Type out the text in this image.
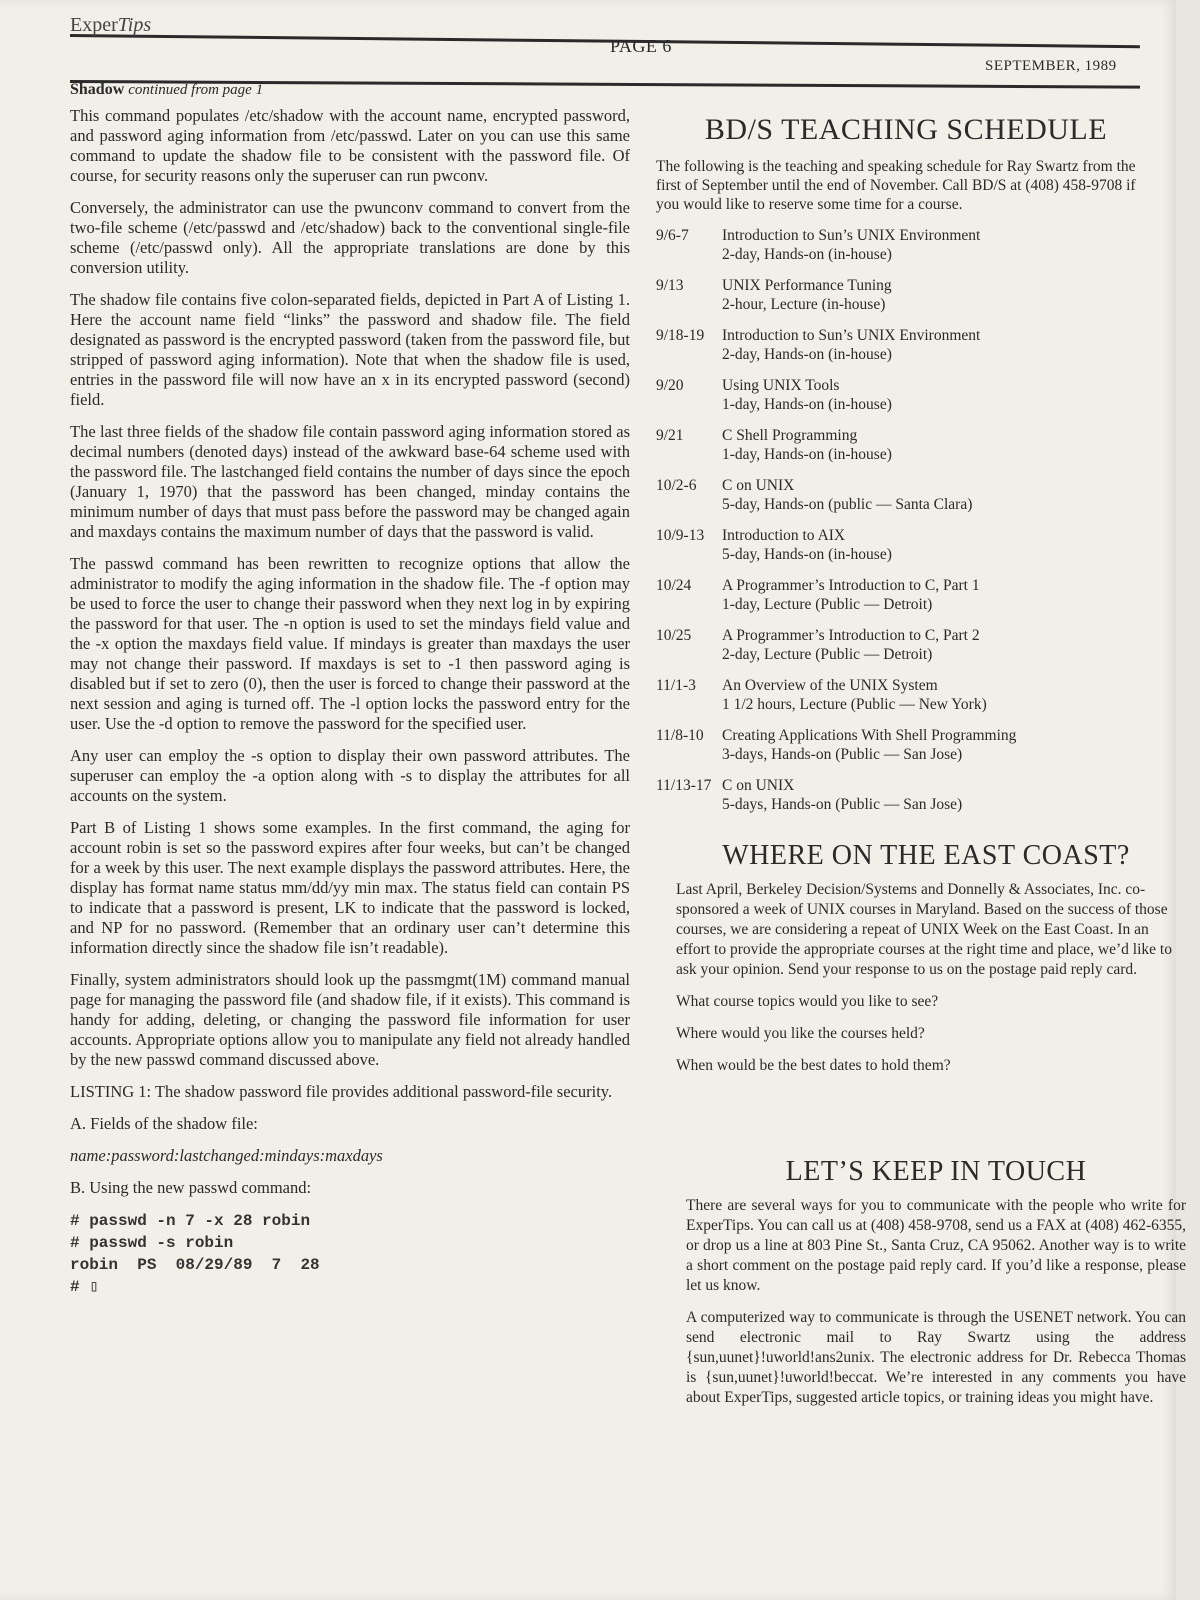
ExperTips
PAGE 6
SEPTEMBER, 1989
Shadow continued from page 1

This command populates /etc/shadow with the account name, encrypted password, and password aging information from /etc/passwd. Later on you can use this same command to update the shadow file to be consistent with the password file. Of course, for security reasons only the superuser can run pwconv.

Conversely, the administrator can use the pwunconv command to convert from the two-file scheme (/etc/passwd and /etc/shadow) back to the conventional single-file scheme (/etc/passwd only). All the appropriate translations are done by this conversion utility.

The shadow file contains five colon-separated fields, depicted in Part A of Listing 1. Here the account name field “links” the password and shadow file. The field designated as password is the encrypted password (taken from the password file, but stripped of password aging information). Note that when the shadow file is used, entries in the password file will now have an x in its encrypted password (second) field.

The last three fields of the shadow file contain password aging information stored as decimal numbers (denoted days) instead of the awkward base-64 scheme used with the password file. The lastchanged field contains the number of days since the epoch (January 1, 1970) that the password has been changed, minday contains the minimum number of days that must pass before the password may be changed again and maxdays contains the maximum number of days that the password is valid.

The passwd command has been rewritten to recognize options that allow the administrator to modify the aging information in the shadow file. The -f option may be used to force the user to change their password when they next log in by expiring the password for that user. The -n option is used to set the mindays field value and the -x option the maxdays field value. If mindays is greater than maxdays the user may not change their password. If maxdays is set to -1 then password aging is disabled but if set to zero (0), then the user is forced to change their password at the next session and aging is turned off. The -l option locks the password entry for the user. Use the -d option to remove the password for the specified user.

Any user can employ the -s option to display their own password attributes. The superuser can employ the -a option along with -s to display the attributes for all accounts on the system.

Part B of Listing 1 shows some examples. In the first command, the aging for account robin is set so the password expires after four weeks, but can’t be changed for a week by this user. The next example displays the password attributes. Here, the display has format name status mm/dd/yy min max. The status field can contain PS to indicate that a password is present, LK to indicate that the password is locked, and NP for no password. (Remember that an ordinary user can’t determine this information directly since the shadow file isn’t readable).

Finally, system administrators should look up the passmgmt(1M) command manual page for managing the password file (and shadow file, if it exists). This command is handy for adding, deleting, or changing the password file information for user accounts. Appropriate options allow you to manipulate any field not already handled by the new passwd command discussed above.

LISTING 1: The shadow password file provides additional password-file security.

A. Fields of the shadow file:

name:password:lastchanged:mindays:maxdays

B. Using the new passwd command:

# passwd -n 7 -x 28 robin
# passwd -s robin
robin  PS  08/29/89  7  28
# ▯
BD/S TEACHING SCHEDULE

The following is the teaching and speaking schedule for Ray Swartz from the first of September until the end of November. Call BD/S at (408) 458-9708 if you would like to reserve some time for a course.

9/6-7	Introduction to Sun’s UNIX Environment
2-day, Hands-on (in-house)
9/13	UNIX Performance Tuning
2-hour, Lecture (in-house)
9/18-19	Introduction to Sun’s UNIX Environment
2-day, Hands-on (in-house)
9/20	Using UNIX Tools
1-day, Hands-on (in-house)
9/21	C Shell Programming
1-day, Hands-on (in-house)
10/2-6	C on UNIX
5-day, Hands-on (public — Santa Clara)
10/9-13	Introduction to AIX
5-day, Hands-on (in-house)
10/24	A Programmer’s Introduction to C, Part 1
1-day, Lecture (Public — Detroit)
10/25	A Programmer’s Introduction to C, Part 2
2-day, Lecture (Public — Detroit)
11/1-3	An Overview of the UNIX System
1 1/2 hours, Lecture (Public — New York)
11/8-10	Creating Applications With Shell Programming
3-days, Hands-on (Public — San Jose)
11/13-17 C on UNIX
5-days, Hands-on (Public — San Jose)
WHERE ON THE EAST COAST?

Last April, Berkeley Decision/Systems and Donnelly & Associates, Inc. co-sponsored a week of UNIX courses in Maryland. Based on the success of those courses, we are considering a repeat of UNIX Week on the East Coast. In an effort to provide the appropriate courses at the right time and place, we’d like to ask your opinion. Send your response to us on the postage paid reply card.

What course topics would you like to see?

Where would you like the courses held?

When would be the best dates to hold them?

LET’S KEEP IN TOUCH

There are several ways for you to communicate with the people who write for ExperTips. You can call us at (408) 458-9708, send us a FAX at (408) 462-6355, or drop us a line at 803 Pine St., Santa Cruz, CA 95062. Another way is to write a short comment on the postage paid reply card. If you’d like a response, please let us know.

A computerized way to communicate is through the USENET network. You can send electronic mail to Ray Swartz using the address {sun,uunet}!uworld!ans2unix. The electronic address for Dr. Rebecca Thomas is {sun,uunet}!uworld!beccat. We’re interested in any comments you have about ExperTips, suggested article topics, or training ideas you might have.
